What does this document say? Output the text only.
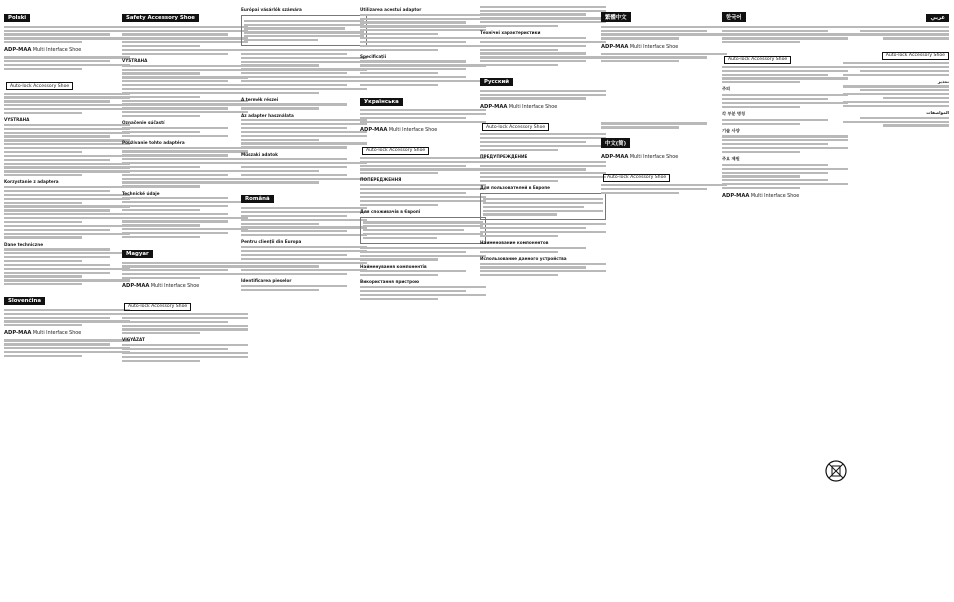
Polski
ADP-MAA Multi Interface Shoe
Auto-lock Accessory Shoe
VYSTRAHA
Korzystanie z adaptera
Dane techniczne
Slovenčina
ADP-MAA Multi Interface Shoe
Safety Accessory Shoe
VYSTRAHA
Označenie súčastí
Používanie tohto adaptéra
Technické údaje
Magyar
ADP-MAA Multi Interface Shoe
Auto-lock Accessory Shoe
VIGYÁZAT
Európai vásárlók számára
A termék részei
Az adapter használata
Műszaki adatok
Română
Pentru clienții din Europa
Identificarea pieselor
Utilizarea acestui adaptor
Specificații
Українська
ADP-MAA Multi Interface Shoe
Auto-lock Accessory Shoe
ПОПЕРЕДЖЕННЯ
Для споживачів в Європі
Найменування компонентів
Використання пристрою
Технічні характеристики
Русский
ADP-MAA Multi Interface Shoe
Auto-lock Accessory Shoe
ПРЕДУПРЕЖДЕНИЕ
Для пользователей в Европе
Наименование компонентов
Использование данного устройства
繁體中文
ADP-MAA Multi Interface Shoe
中文(简)
ADP-MAA Multi Interface Shoe
Auto-lock Accessory Shoe
한국어
Auto-lock Accessory Shoe
주의
각 부분 명칭
기술 사양
주요 제원
ADP-MAA Multi Interface Shoe
عربي
Auto-lock Accessory Shoe
تحذير
المواصفات
